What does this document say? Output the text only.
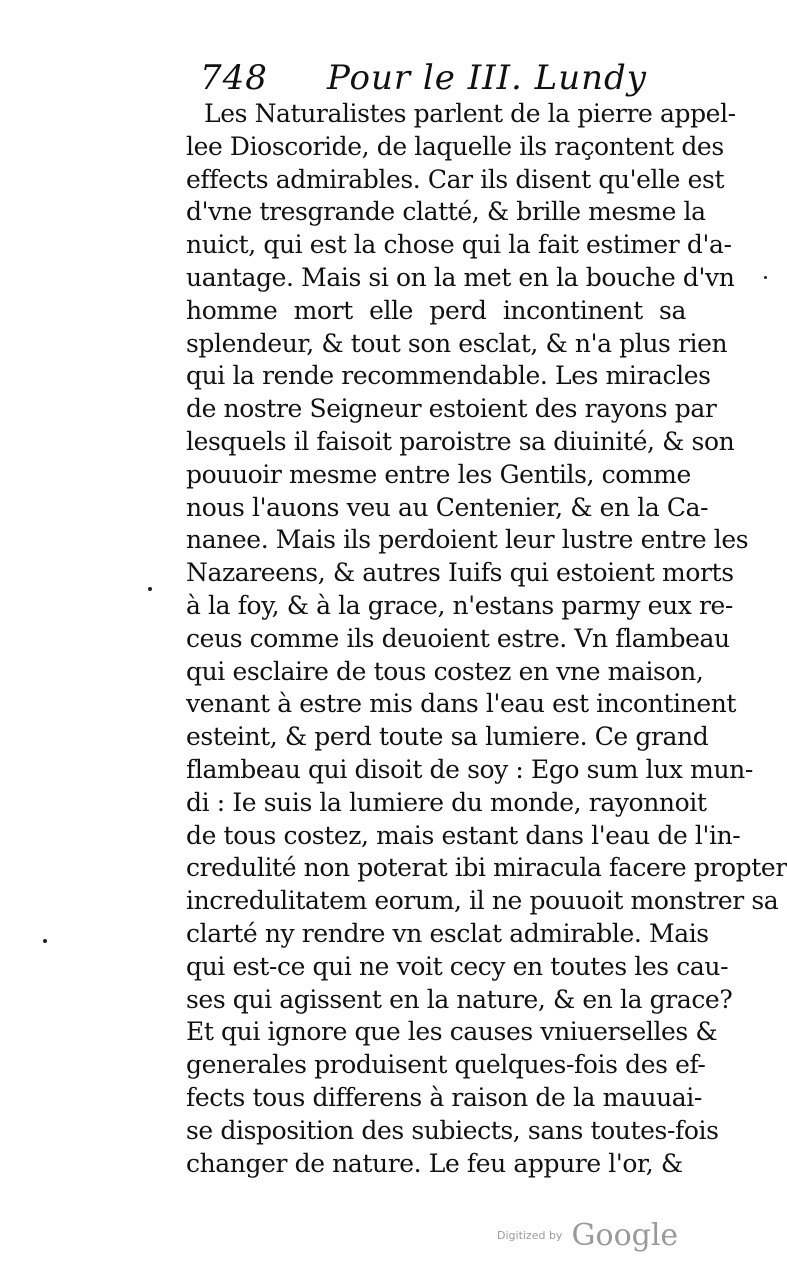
748 Pour le III. Lundy
Les Naturalistes parlent de la pierre appel-
lee Dioscoride, de laquelle ils raçontent des
effects admirables. Car ils disent qu'elle est
d'vne tresgrande clatté, & brille mesme la
nuict, qui est la chose qui la fait estimer d'a-
uantage. Mais si on la met en la bouche d'vn
homme mort elle perd incontinent sa
splendeur, & tout son esclat, & n'a plus rien
qui la rende recommendable. Les miracles
de nostre Seigneur estoient des rayons par
lesquels il faisoit paroistre sa diuinité, & son
pouuoir mesme entre les Gentils, comme
nous l'auons veu au Centenier, & en la Ca-
nanee. Mais ils perdoient leur lustre entre les
Nazareens, & autres Iuifs qui estoient morts
à la foy, & à la grace, n'estans parmy eux re-
ceus comme ils deuoient estre. Vn flambeau
qui esclaire de tous costez en vne maison,
venant à estre mis dans l'eau est incontinent
esteint, & perd toute sa lumiere. Ce grand
flambeau qui disoit de soy : Ego sum lux mun-
di : Ie suis la lumiere du monde, rayonnoit
de tous costez, mais estant dans l'eau de l'in-
credulité non poterat ibi miracula facere propter
incredulitatem eorum, il ne pouuoit monstrer sa
clarté ny rendre vn esclat admirable. Mais
qui est-ce qui ne voit cecy en toutes les cau-
ses qui agissent en la nature, & en la grace?
Et qui ignore que les causes vniuerselles &
generales produisent quelques-fois des ef-
fects tous differens à raison de la mauuai-
se disposition des subiects, sans toutes-fois
changer de nature. Le feu appure l'or, &
Digitized by Google
